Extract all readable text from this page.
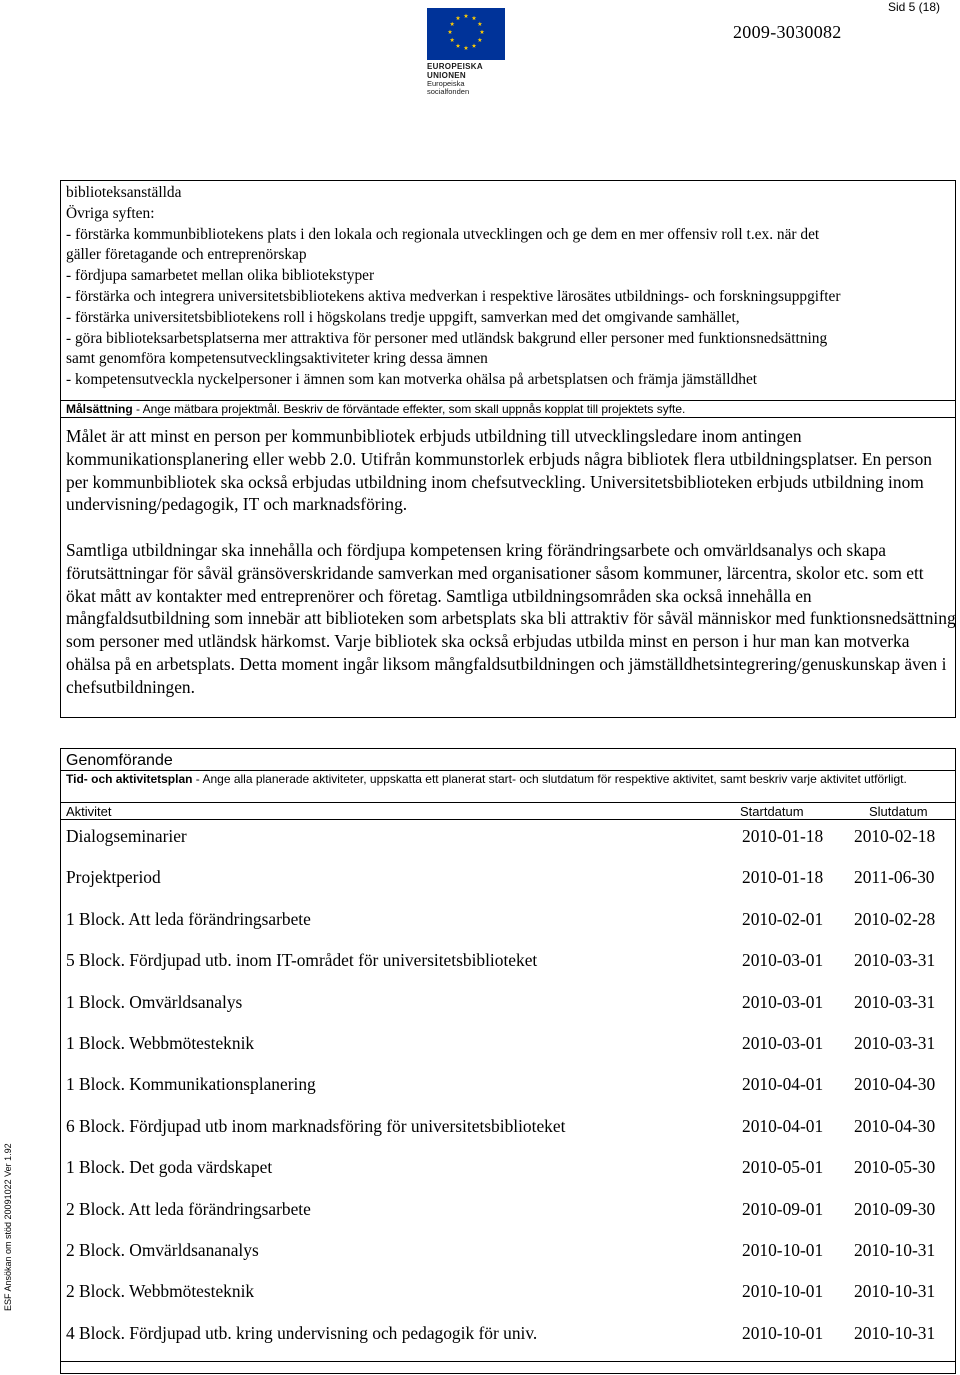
Sid 5 (18)
2009-3030082
EUROPEISKA UNIONEN
Europeiska socialfonden
ESF Ansökan om stöd 20091022 Ver 1.92
biblioteksanställda
Övriga syften:
- förstärka kommunbibliotekens plats i den lokala och regionala utvecklingen och ge dem en mer offensiv roll t.ex. när det
gäller företagande och entreprenörskap
- fördjupa samarbetet mellan olika bibliotekstyper
- förstärka och integrera universitetsbibliotekens aktiva medverkan i respektive lärosätes utbildnings- och forskningsuppgifter
- förstärka universitetsbibliotekens roll i högskolans tredje uppgift, samverkan med det omgivande samhället,
- göra biblioteksarbetsplatserna mer attraktiva för personer med utländsk bakgrund eller personer med funktionsnedsättning
samt genomföra kompetensutvecklingsaktiviteter kring dessa ämnen
- kompetensutveckla nyckelpersoner i ämnen som kan motverka ohälsa på arbetsplatsen och främja jämställdhet
Målsättning - Ange mätbara projektmål. Beskriv de förväntade effekter, som skall uppnås kopplat till projektets syfte.

Målet är att minst en person per kommunbibliotek erbjuds utbildning till utvecklingsledare inom antingen kommunikationsplanering eller webb 2.0. Utifrån kommunstorlek erbjuds några bibliotek flera utbildningsplatser. En person per kommunbibliotek ska också erbjudas utbildning inom chefsutveckling. Universitetsbiblioteken erbjuds utbildning inom undervisning/pedagogik, IT och marknadsföring.

Samtliga utbildningar ska innehålla och fördjupa kompetensen kring förändringsarbete och omvärldsanalys och skapa förutsättningar för såväl gränsöverskridande samverkan med organisationer såsom kommuner, lärcentra, skolor etc. som ett ökat mått av kontakter med entreprenörer och företag. Samtliga utbildningsområden ska också innehålla en mångfaldsutbildning som innebär att biblioteken som arbetsplats ska bli attraktiv för såväl människor med funktionsnedsättning som personer med utländsk härkomst. Varje bibliotek ska också erbjudas utbilda minst en person i hur man kan motverka ohälsa på en arbetsplats. Detta moment ingår liksom mångfaldsutbildningen och jämställdhetsintegrering/genuskunskap även i chefsutbildningen.

Genomförande
Tid- och aktivitetsplan - Ange alla planerade aktiviteter, uppskatta ett planerat start- och slutdatum för respektive aktivitet, samt beskriv varje aktivitet utförligt.
Aktivitet	Startdatum	Slutdatum
Dialogseminarier	2010-01-18 2010-02-18
Projektperiod	2010-01-18 2011-06-30
1 Block. Att leda förändringsarbete	2010-02-01 2010-02-28
5 Block. Fördjupad utb. inom IT-området för universitetsbiblioteket	2010-03-01 2010-03-31
1 Block. Omvärldsanalys	2010-03-01 2010-03-31
1 Block. Webbmötesteknik	2010-03-01 2010-03-31
1 Block. Kommunikationsplanering	2010-04-01 2010-04-30
6 Block. Fördjupad utb inom marknadsföring för universitetsbiblioteket	2010-04-01 2010-04-30
1 Block. Det goda värdskapet	2010-05-01 2010-05-30
2 Block. Att leda förändringsarbete	2010-09-01 2010-09-30
2 Block. Omvärldsananalys	2010-10-01 2010-10-31
2 Block. Webbmötesteknik	2010-10-01 2010-10-31
4 Block. Fördjupad utb. kring undervisning och pedagogik för univ.	2010-10-01 2010-10-31
